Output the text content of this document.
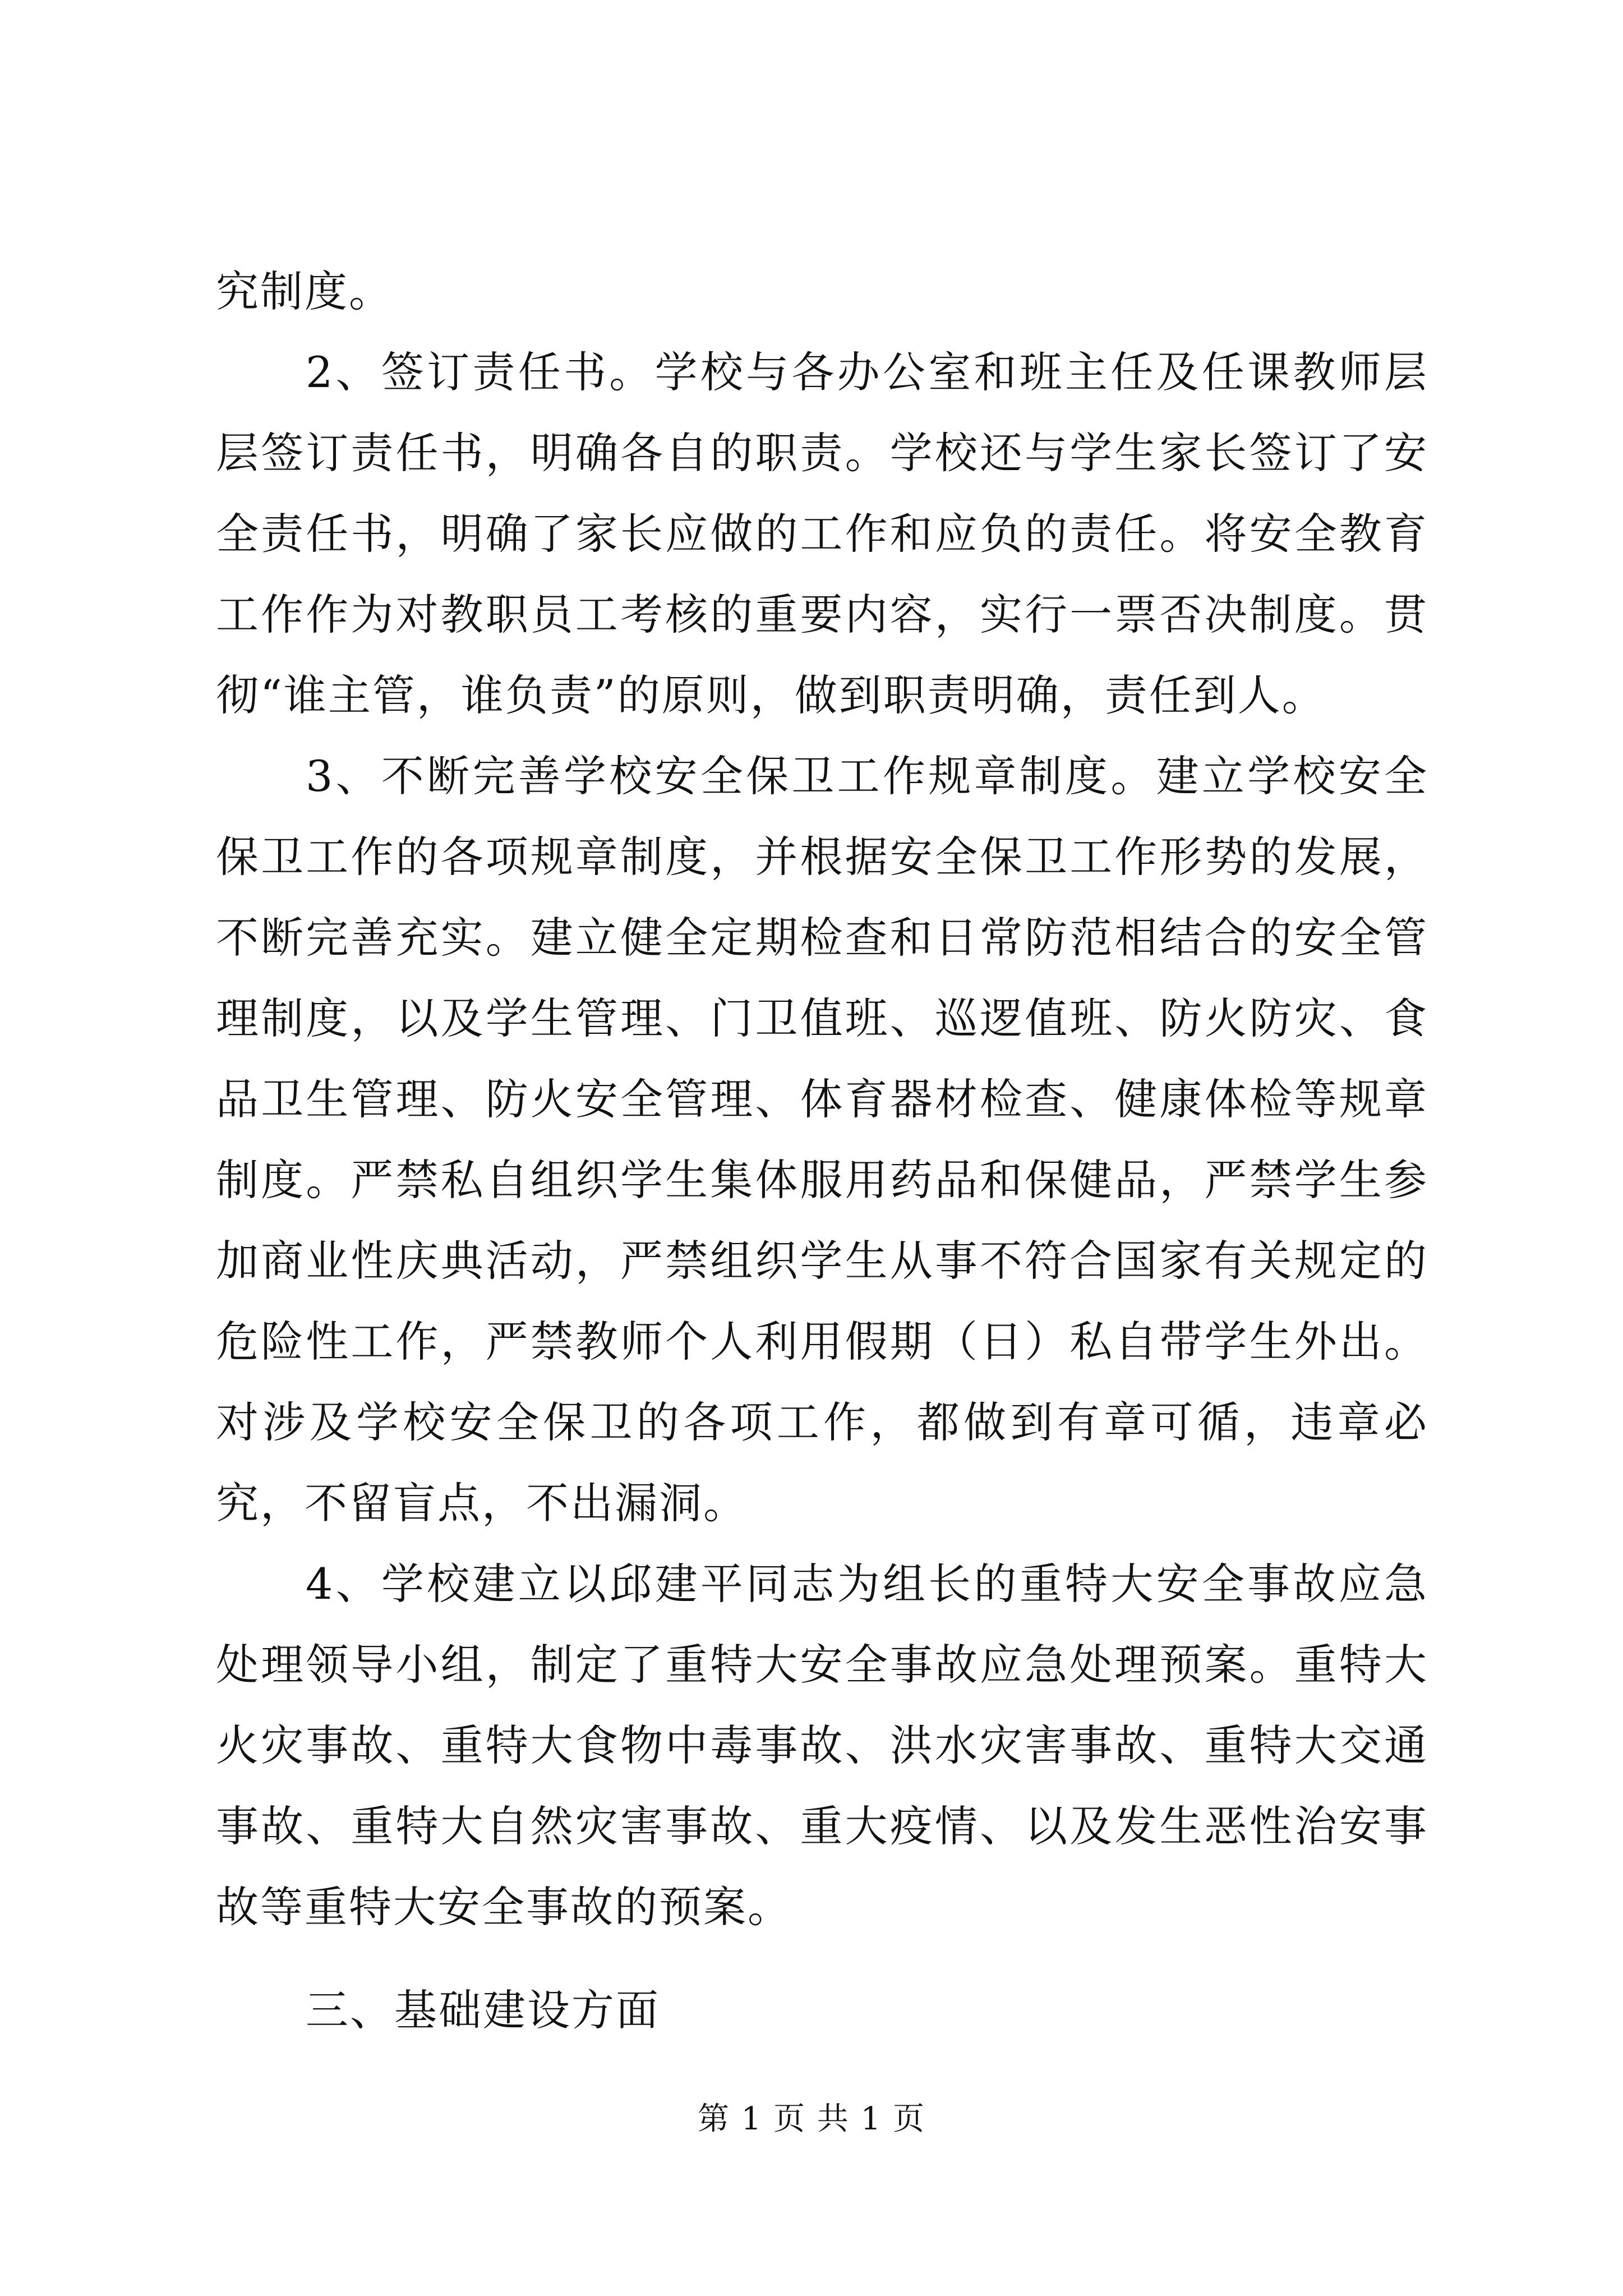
究制度。

2、签订责任书。学校与各办公室和班主任及任课教师层层签订责任书，明确各自的职责。学校还与学生家长签订了安全责任书，明确了家长应做的工作和应负的责任。将安全教育工作作为对教职员工考核的重要内容，实行一票否决制度。贯彻“谁主管，谁负责”的原则，做到职责明确，责任到人。

3、不断完善学校安全保卫工作规章制度。建立学校安全保卫工作的各项规章制度，并根据安全保卫工作形势的发展，不断完善充实。建立健全定期检查和日常防范相结合的安全管理制度，以及学生管理、门卫值班、巡逻值班、防火防灾、食品卫生管理、防火安全管理、体育器材检查、健康体检等规章制度。严禁私自组织学生集体服用药品和保健品，严禁学生参加商业性庆典活动，严禁组织学生从事不符合国家有关规定的危险性工作，严禁教师个人利用假期（日）私自带学生外出。对涉及学校安全保卫的各项工作，都做到有章可循，违章必究，不留盲点，不出漏洞。

4、学校建立以邱建平同志为组长的重特大安全事故应急处理领导小组，制定了重特大安全事故应急处理预案。重特大火灾事故、重特大食物中毒事故、洪水灾害事故、重特大交通事故、重特大自然灾害事故、重大疫情、以及发生恶性治安事故等重特大安全事故的预案。

三、基础建设方面

第 1 页 共 1 页
